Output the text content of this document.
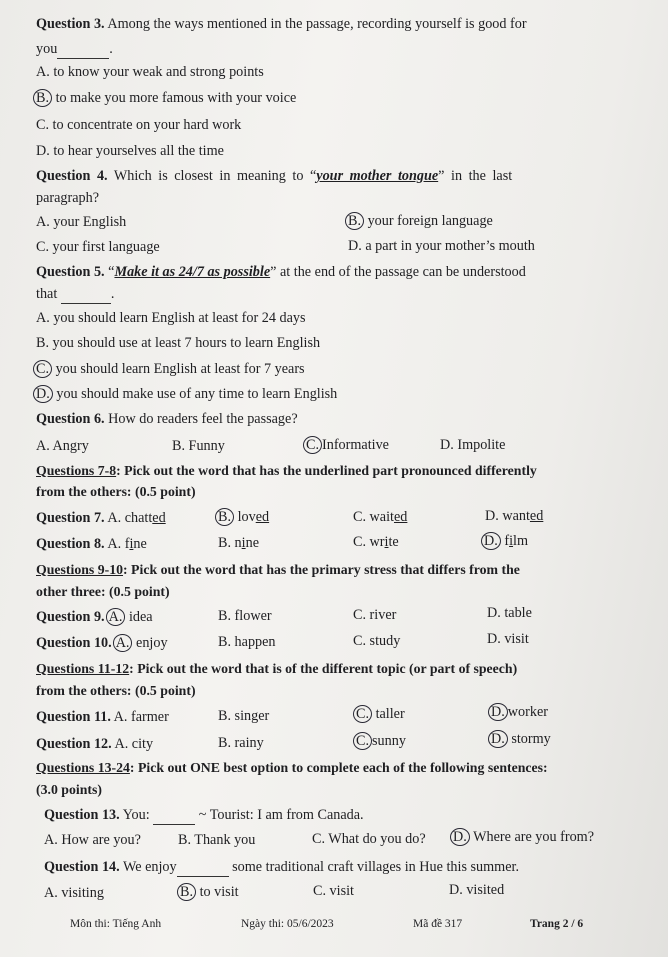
Question 3. Among the ways mentioned in the passage, recording yourself is good for
you	.
A. to know your weak and strong points
B. to make you more famous with your voice
C. to concentrate on your hard work
D. to hear yourselves all the time
Question 4. Which is closest in meaning to “your mother tongue” in the last
paragraph?
A. your English	B. your foreign language
C. your first language	D. a part in your mother’s mouth
Question 5. “Make it as 24/7 as possible” at the end of the passage can be understood
that	.
A. you should learn English at least for 24 days
B. you should use at least 7 hours to learn English
C. you should learn English at least for 7 years
D. you should make use of any time to learn English
Question 6. How do readers feel the passage?
A. Angry	B. Funny	C. Informative	D. Impolite
Questions 7-8: Pick out the word that has the underlined part pronounced differently
from the others: (0.5 point)
Question 7. A. chatted	B. loved	C. waited	D. wanted
Question 8. A. fine	B. nine	C. write	D. film
Questions 9-10: Pick out the word that has the primary stress that differs from the
other three: (0.5 point)
Question 9. A. idea	B. flower	C. river	D. table
Question 10. A. enjoy	B. happen	C. study	D. visit
Questions 11-12: Pick out the word that is of the different topic (or part of speech)
from the others: (0.5 point)
Question 11. A. farmer	B. singer	C. taller	D. worker
Question 12. A. city	B. rainy	C. sunny	D. stormy
Questions 13-24: Pick out ONE best option to complete each of the following sentences:
(3.0 points)
Question 13. You:	~ Tourist: I am from Canada.
A. How are you?	B. Thank you	C. What do you do? D. Where are you from?
Question 14. We enjoy	some traditional craft villages in Hue this summer.
A. visiting	B. to visit	C. visit	D. visited
Môn thi: Tiếng Anh	Ngày thi: 05/6/2023	Mã đề 317	Trang 2 / 6
